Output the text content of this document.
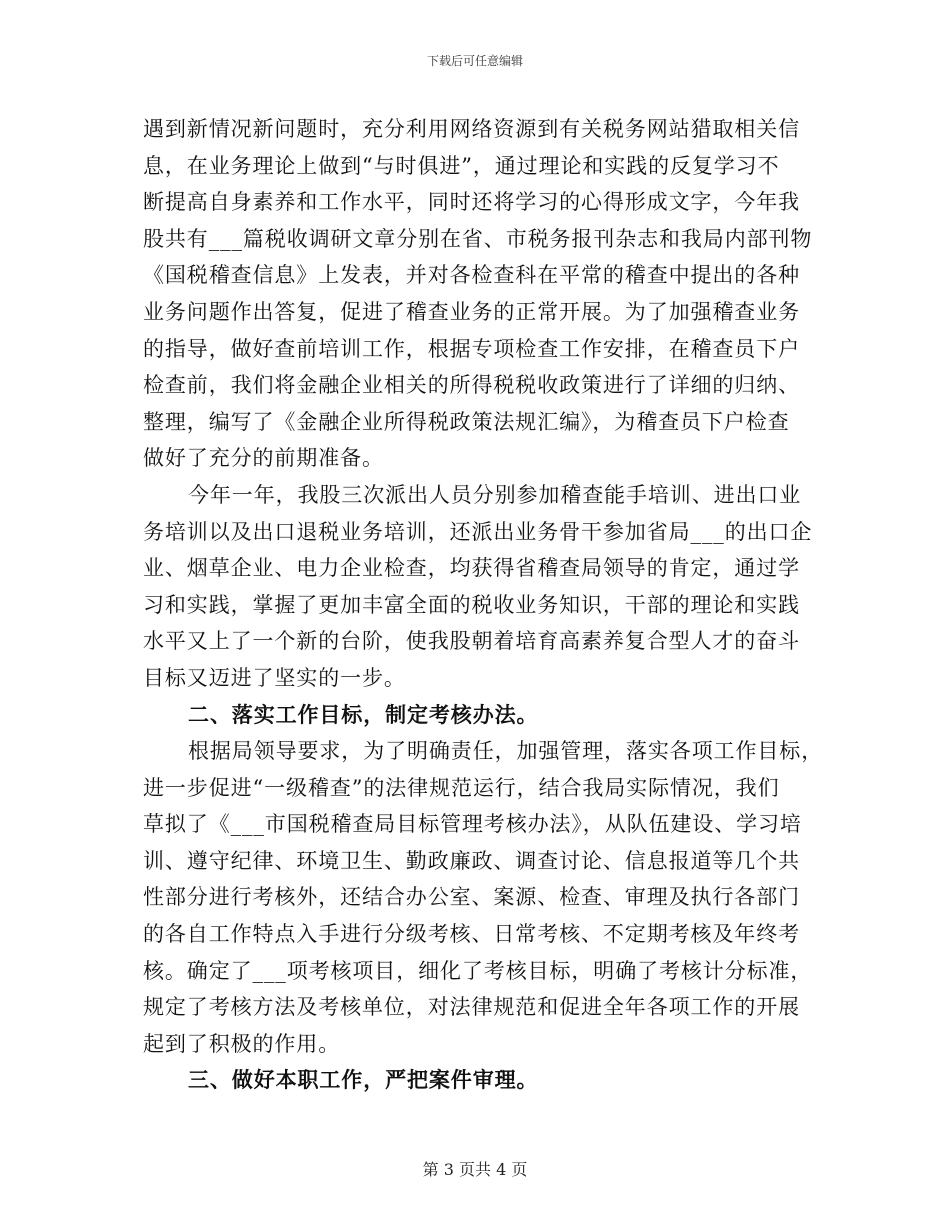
下载后可任意编辑
遇到新情况新问题时，充分利用网络资源到有关税务网站猎取相关信
息，在业务理论上做到“与时俱进”，通过理论和实践的反复学习不
断提高自身素养和工作水平，同时还将学习的心得形成文字，今年我
股共有___篇税收调研文章分别在省、市税务报刊杂志和我局内部刊物
《国税稽查信息》上发表，并对各检查科在平常的稽查中提出的各种
业务问题作出答复，促进了稽查业务的正常开展。为了加强稽查业务
的指导，做好查前培训工作，根据专项检查工作安排，在稽查员下户
检查前，我们将金融企业相关的所得税税收政策进行了详细的归纳、
整理，编写了《金融企业所得税政策法规汇编》，为稽查员下户检查
做好了充分的前期准备。
今年一年，我股三次派出人员分别参加稽查能手培训、进出口业
务培训以及出口退税业务培训，还派出业务骨干参加省局___的出口企
业、烟草企业、电力企业检查，均获得省稽查局领导的肯定，通过学
习和实践，掌握了更加丰富全面的税收业务知识，干部的理论和实践
水平又上了一个新的台阶，使我股朝着培育高素养复合型人才的奋斗
目标又迈进了坚实的一步。
二、落实工作目标，制定考核办法。
根据局领导要求，为了明确责任，加强管理，落实各项工作目标，
进一步促进“一级稽查”的法律规范运行，结合我局实际情况，我们
草拟了《___市国税稽查局目标管理考核办法》，从队伍建设、学习培
训、遵守纪律、环境卫生、勤政廉政、调查讨论、信息报道等几个共
性部分进行考核外，还结合办公室、案源、检查、审理及执行各部门
的各自工作特点入手进行分级考核、日常考核、不定期考核及年终考
核。确定了___项考核项目，细化了考核目标，明确了考核计分标准，
规定了考核方法及考核单位，对法律规范和促进全年各项工作的开展
起到了积极的作用。
三、做好本职工作，严把案件审理。
第 3 页共 4 页
